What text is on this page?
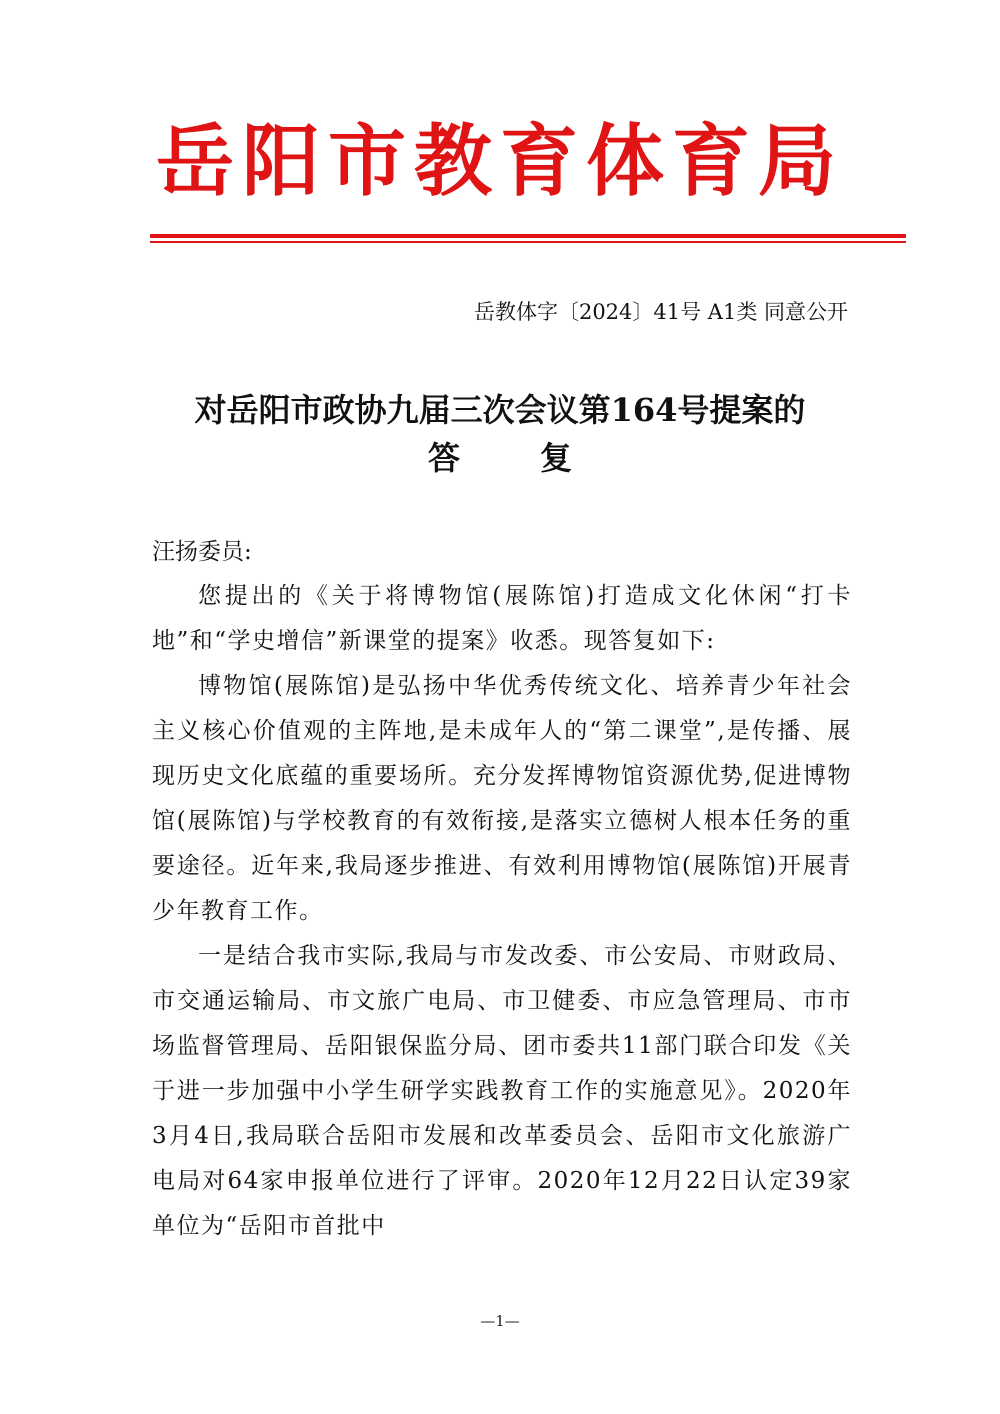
岳阳市教育体育局
岳教体字〔2024〕41号 A1类 同意公开
对岳阳市政协九届三次会议第164号提案的
答复
汪扬委员:

您提出的《关于将博物馆(展陈馆)打造成文化休闲“打卡地”和“学史增信”新课堂的提案》收悉。现答复如下:

博物馆(展陈馆)是弘扬中华优秀传统文化、培养青少年社会主义核心价值观的主阵地,是未成年人的“第二课堂”,是传播、展现历史文化底蕴的重要场所。充分发挥博物馆资源优势,促进博物馆(展陈馆)与学校教育的有效衔接,是落实立德树人根本任务的重要途径。近年来,我局逐步推进、有效利用博物馆(展陈馆)开展青少年教育工作。

一是结合我市实际,我局与市发改委、市公安局、市财政局、市交通运输局、市文旅广电局、市卫健委、市应急管理局、市市场监督管理局、岳阳银保监分局、团市委共11部门联合印发《关于进一步加强中小学生研学实践教育工作的实施意见》。2020年3月4日,我局联合岳阳市发展和改革委员会、岳阳市文化旅游广电局对64家申报单位进行了评审。2020年12月22日认定39家单位为“岳阳市首批中

—1—
